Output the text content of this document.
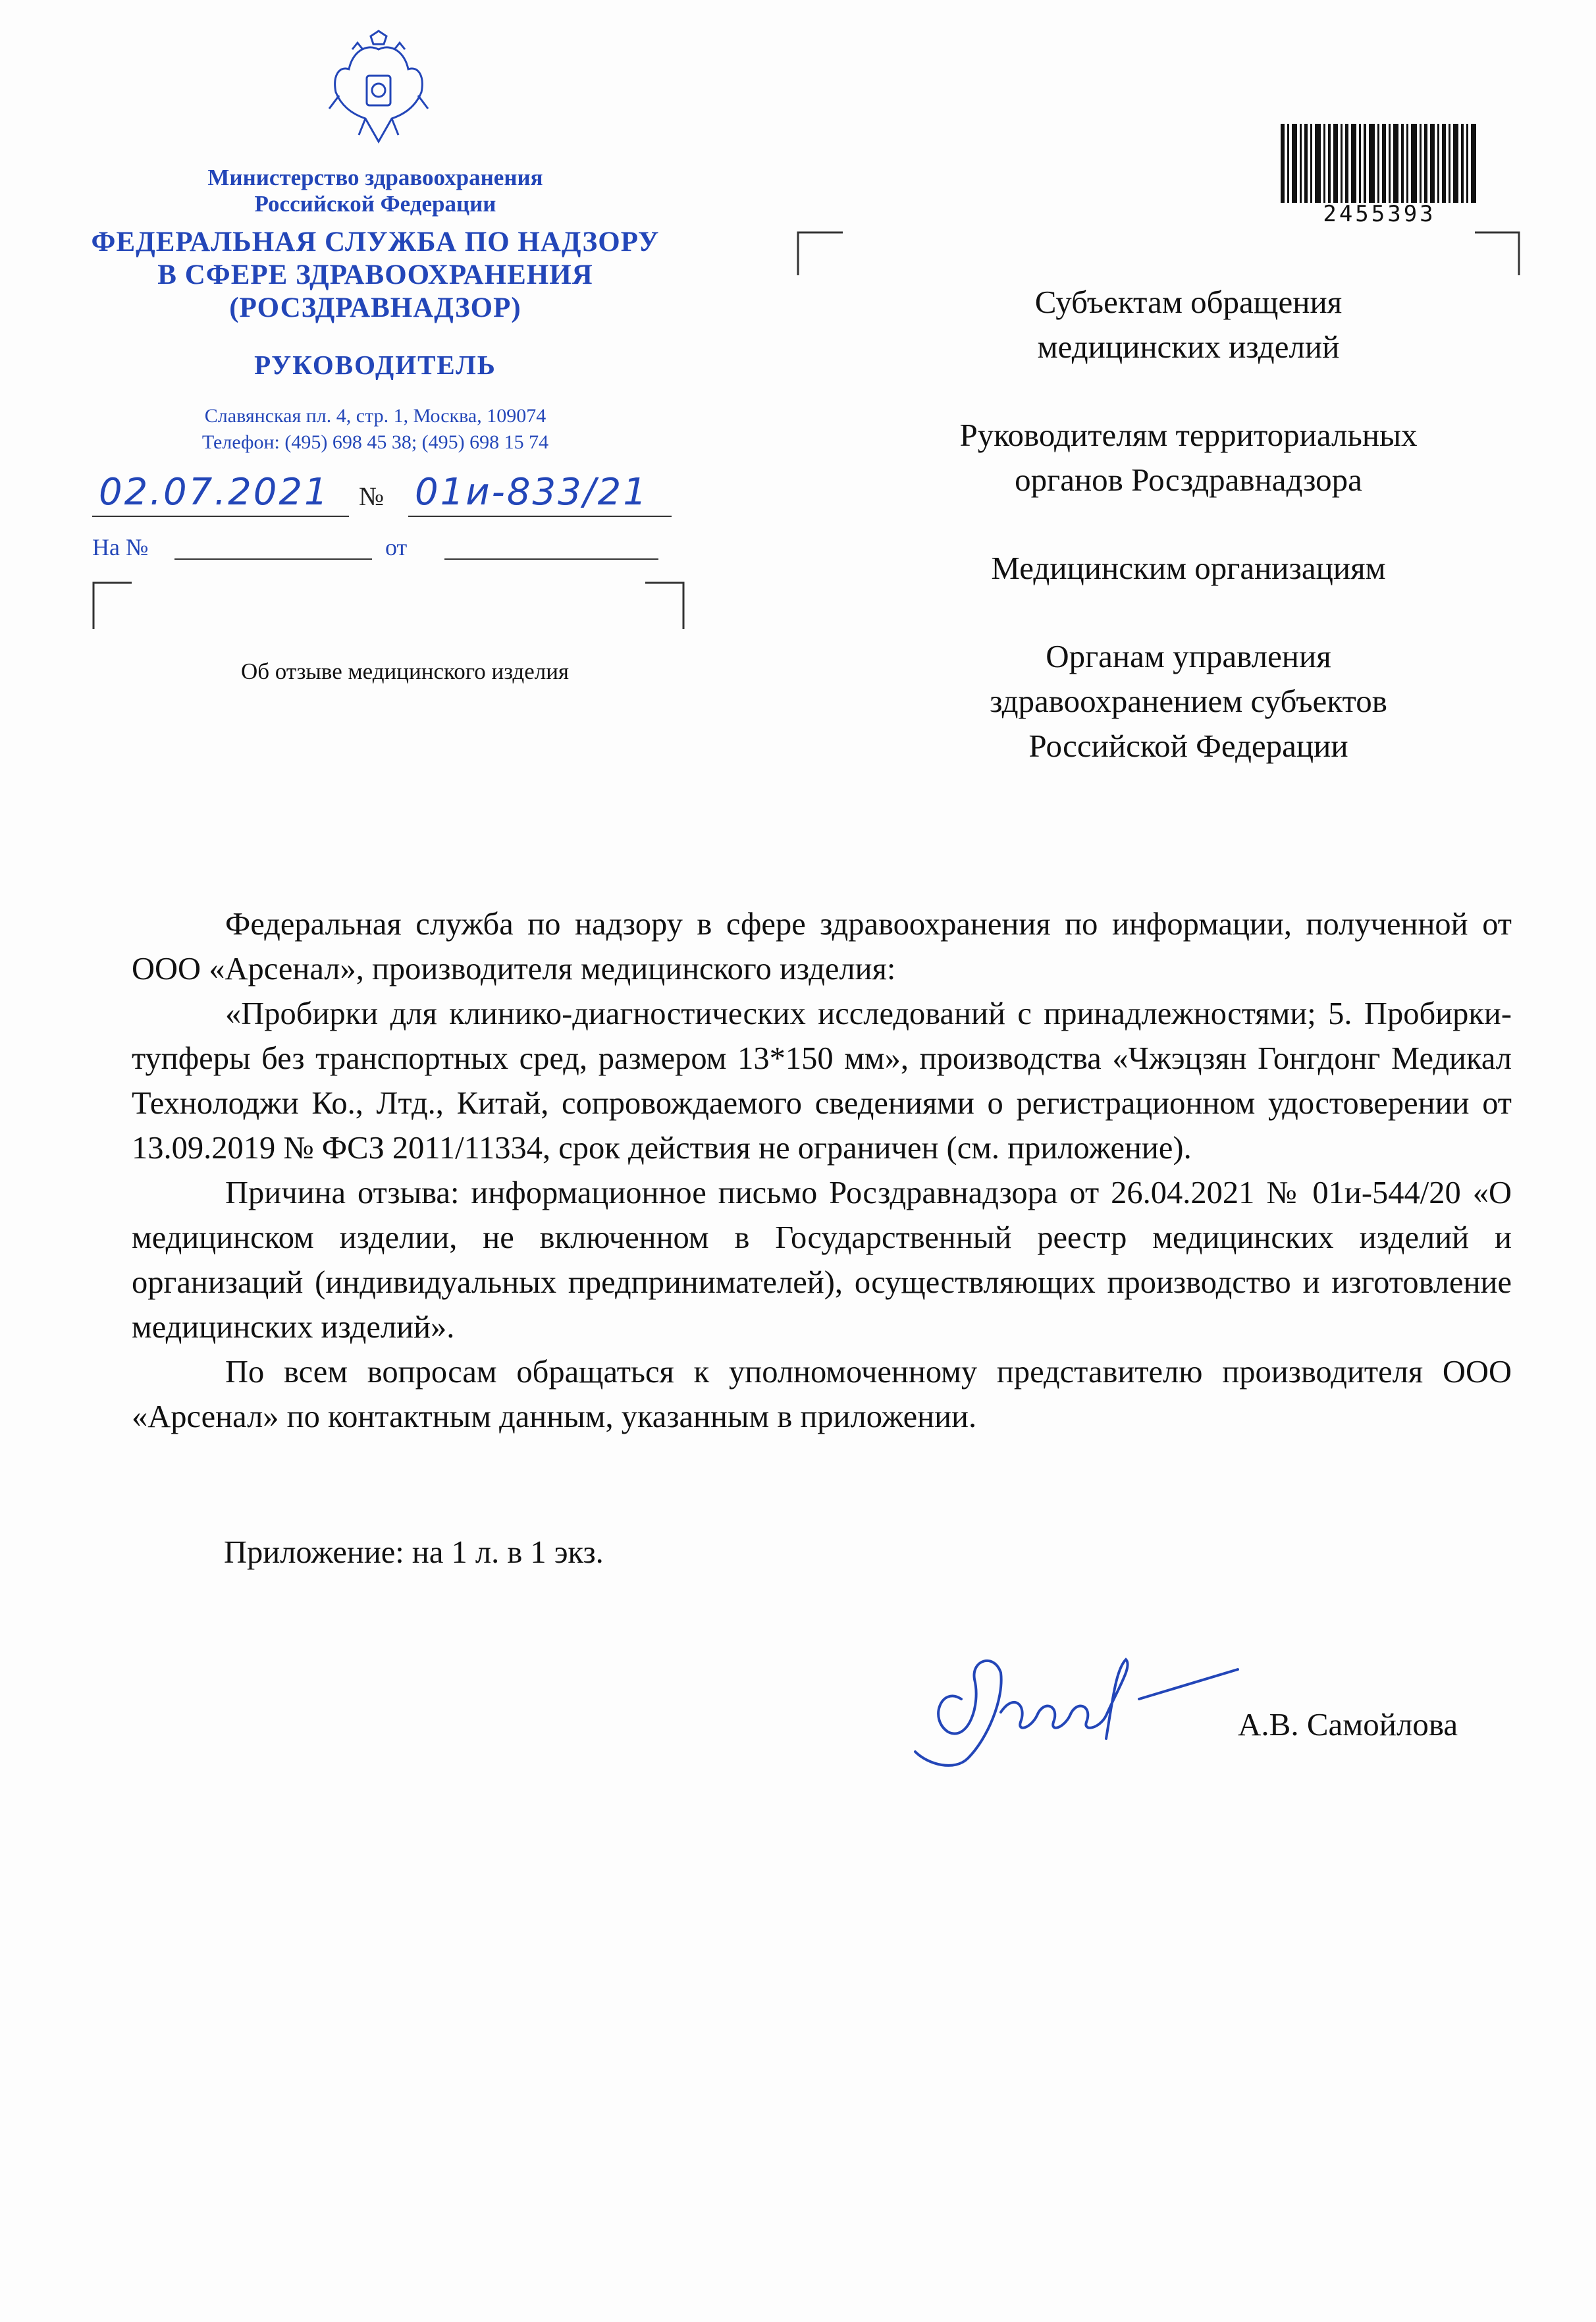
Министерство здравоохранения
Российской Федерации
ФЕДЕРАЛЬНАЯ СЛУЖБА ПО НАДЗОРУ
В СФЕРЕ ЗДРАВООХРАНЕНИЯ
(РОСЗДРАВНАДЗОР)
РУКОВОДИТЕЛЬ
Славянская пл. 4, стр. 1, Москва, 109074
Телефон: (495) 698 45 38; (495) 698 15 74
02.07.2021 № 01и-833/21
На №	от
Об отзыве медицинского изделия
2455393
Субъектам обращения
медицинских изделий
Руководителям территориальных
органов Росздравнадзора
Медицинским организациям
Органам управления
здравоохранением субъектов
Российской Федерации

Федеральная служба по надзору в сфере здравоохранения по информации, полученной от ООО «Арсенал», производителя медицинского изделия:

«Пробирки для клинико-диагностических исследований с принадлежностями; 5. Пробирки-тупферы без транспортных сред, размером 13*150 мм», производства «Чжэцзян Гонгдонг Медикал Технолоджи Ко., Лтд., Китай, сопровождаемого сведениями о регистрационном удостоверении от 13.09.2019 № ФСЗ 2011/11334, срок действия не ограничен (см. приложение).

Причина отзыва: информационное письмо Росздравнадзора от 26.04.2021 № 01и-544/20 «О медицинском изделии, не включенном в Государственный реестр медицинских изделий и организаций (индивидуальных предпринимателей), осуществляющих производство и изготовление медицинских изделий».

По всем вопросам обращаться к уполномоченному представителю производителя ООО «Арсенал» по контактным данным, указанным в приложении.

Приложение: на 1 л. в 1 экз.
А.В. Самойлова
